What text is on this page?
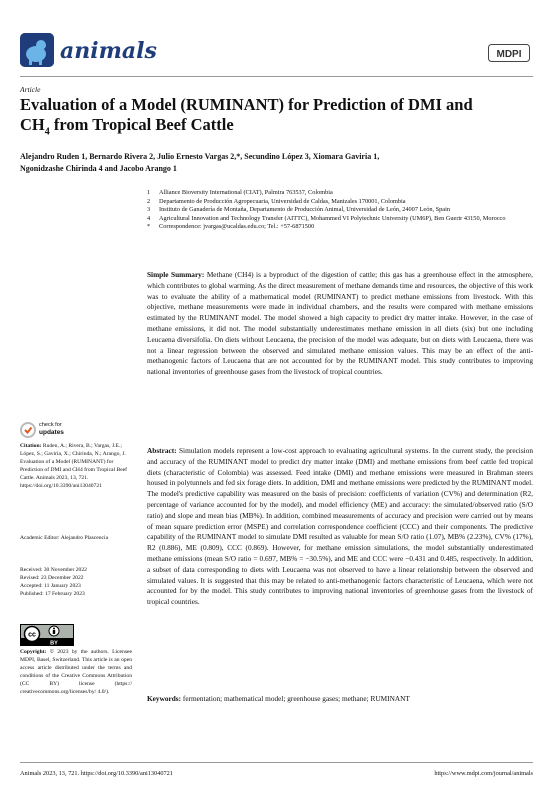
animals	MDPI
Article
Evaluation of a Model (RUMINANT) for Prediction of DMI and
$CH_4$ from Tropical Beef Cattle
Alejandro Ruden 1, Bernardo Rivera 2, Julio Ernesto Vargas 2,*, Secundino López 3, Xiomara Gaviria 1,
Ngonidzashe Chirinda 4 and Jacobo Arango 1
1	Alliance Bioversity International (CIAT), Palmira 763537, Colombia
2	Departamento de Producción Agropecuaria, Universidad de Caldas, Manizales 170001, Colombia
3	Instituto de Ganadería de Montaña, Departamento de Producción Animal, Universidad de León, 24007 León, Spain
4	Agricultural Innovation and Technology Transfer (AITTC), Mohammed VI Polytechnic University (UM6P), Ben Guerir 43150, Morocco
*	Correspondence: jvargas@ucaldas.edu.co; Tel.: +57-6871500
Simple Summary: Methane (CH4) is a byproduct of the digestion of cattle; this gas has a greenhouse effect in the atmosphere, which contributes to global warming. As the direct measurement of methane demands time and resources, the objective of this work was to evaluate the ability of a mathematical model (RUMINANT) to predict methane emissions from livestock. With this objective, methane measurements were made in individual chambers, and the results were compared with methane emissions estimated by the RUMINANT model. The model showed a high capacity to predict dry matter intake. However, in the case of methane emissions, it did not. The model substantially underestimates methane emission in all diets (six) but one including Leucaena diversifolia. On diets without Leucaena, the precision of the model was adequate, but on diets with Leucaena, there was not a linear regression between the observed and simulated methane emission values. This may be an effect of the anti-methanogenic factors of Leucaena that are not accounted for by the RUMINANT model. This study contributes to improving national inventories of greenhouse gases from the livestock of tropical countries.
Abstract: Simulation models represent a low-cost approach to evaluating agricultural systems. In the current study, the precision and accuracy of the RUMINANT model to predict dry matter intake (DMI) and methane emissions from beef cattle fed tropical diets (characteristic of Colombia) was assessed. Feed intake (DMI) and methane emissions were measured in Brahman steers housed in polytunnels and fed six forage diets. In addition, DMI and methane emissions were predicted by the RUMINANT model. The model's predictive capability was measured on the basis of precision: coefficients of variation (CV%) and determination (R2, percentage of variance accounted for by the model), and model efficiency (ME) and accuracy: the simulated/observed ratio (S/O ratio) and slope and mean bias (MB%). In addition, combined measurements of accuracy and precision were carried out by means of mean square prediction error (MSPE) and correlation correspondence coefficient (CCC) and their components. The predictive capability of the RUMINANT model to simulate DMI resulted as valuable for mean S/O ratio (1.07), MB% (2.23%), CV% (17%), R2 (0.886), ME (0.809), CCC (0.869). However, for methane emission simulations, the model substantially underestimated methane emissions (mean S/O ratio = 0.697, MB% = −30.5%), and ME and CCC were −0.431 and 0.485, respectively. In addition, a subset of data corresponding to diets with Leucaena was not observed to have a linear relationship between the observed and simulated values. It is suggested that this may be related to anti-methanogenic factors characteristic of Leucaena, which were not accounted for by the model. This study contributes to improving national inventories of greenhouse gases from the livestock of tropical countries.
Keywords: fermentation; mathematical model; greenhouse gases; methane; RUMINANT
check for
updates
Citation: Ruden, A.; Rivera, B.; Vargas, J.E.; López, S.; Gaviria, X.; Chirinda, N.; Arango, J. Evaluation of a Model (RUMINANT) for Prediction of DMI and CH4 from Tropical Beef Cattle. Animals 2023, 13, 721. https://doi.org/10.3390/ani13040721
Academic Editor: Alejandro Plascencia
Received: 30 November 2022
Revised: 23 December 2022
Accepted: 11 January 2023
Published: 17 February 2023
cc
BY
Copyright: © 2023 by the authors. Licensee MDPI, Basel, Switzerland. This article is an open access article distributed under the terms and conditions of the Creative Commons Attribution (CC BY) license (https:// creativecommons.org/licenses/by/ 4.0/).
Animals 2023, 13, 721. https://doi.org/10.3390/ani13040721	https://www.mdpi.com/journal/animals
